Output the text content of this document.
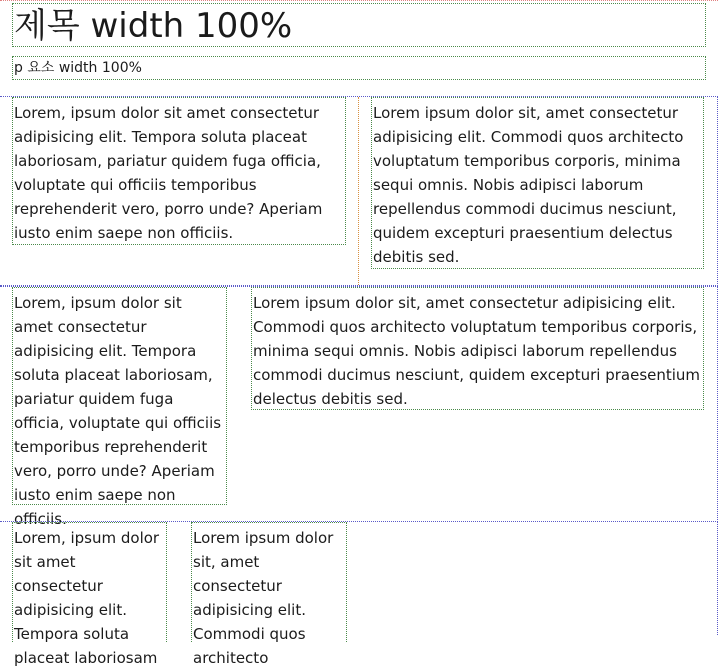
제목 width 100%
p 요소 width 100%
Lorem, ipsum dolor sit amet consectetur adipisicing elit. Tempora soluta placeat laboriosam, pariatur quidem fuga officia, voluptate qui officiis temporibus reprehenderit vero, porro unde? Aperiam iusto enim saepe non officiis.
Lorem ipsum dolor sit, amet consectetur adipisicing elit. Commodi quos architecto voluptatum temporibus corporis, minima sequi omnis. Nobis adipisci laborum repellendus commodi ducimus nesciunt, quidem excepturi praesentium delectus debitis sed.
Lorem, ipsum dolor sit amet consectetur adipisicing elit. Tempora soluta placeat laboriosam, pariatur quidem fuga officia, voluptate qui officiis temporibus reprehenderit vero, porro unde? Aperiam iusto enim saepe non officiis.
Lorem ipsum dolor sit, amet consectetur adipisicing elit. Commodi quos architecto voluptatum temporibus corporis, minima sequi omnis. Nobis adipisci laborum repellendus commodi ducimus nesciunt, quidem excepturi praesentium delectus debitis sed.
Lorem, ipsum dolor sit amet consectetur adipisicing elit. Tempora soluta placeat laboriosam
Lorem ipsum dolor sit, amet consectetur adipisicing elit. Commodi quos architecto
